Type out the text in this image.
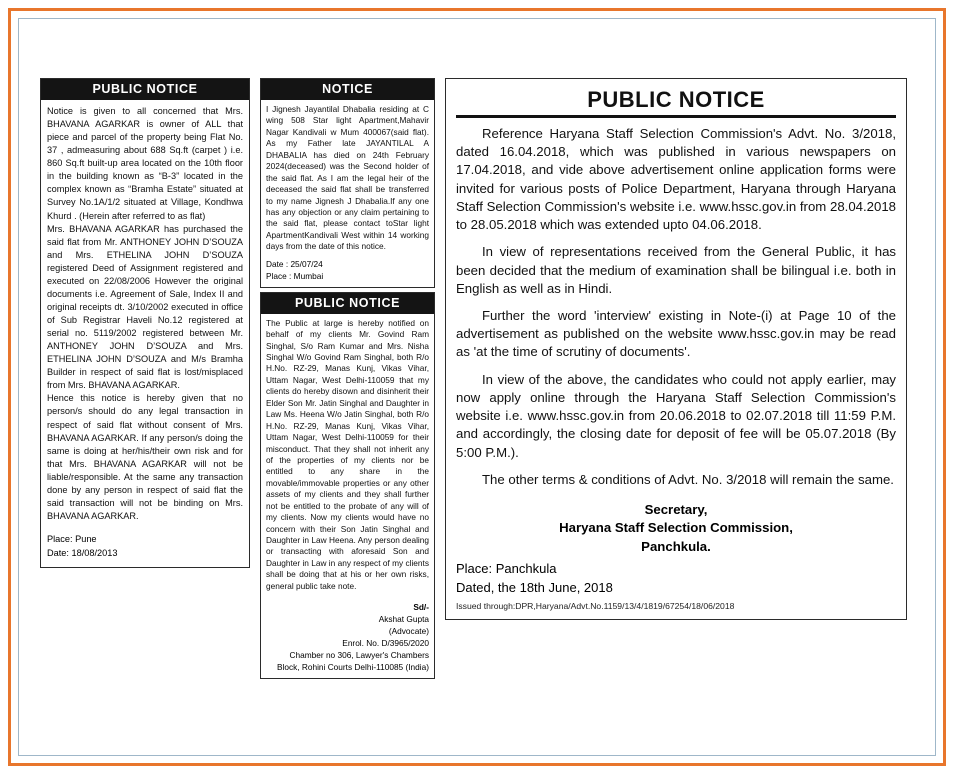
PUBLIC NOTICE

Notice is given to all concerned that Mrs. BHAVANA AGARKAR is owner of ALL that piece and parcel of the property being Flat No. 37 , admeasuring about 688 Sq.ft (carpet ) i.e. 860 Sq.ft built-up area located on the 10th floor in the building known as “B-3” located in the complex known as “Bramha Estate” situated at Survey No.1A/1/2 situated at Village, Kondhwa Khurd . (Herein after referred to as flat)
Mrs. BHAVANA AGARKAR has purchased the said flat from Mr. ANTHONEY JOHN D’SOUZA and Mrs. ETHELINA JOHN D’SOUZA registered Deed of Assignment registered and executed on 22/08/2006 However the original documents i.e. Agreement of Sale, Index II and original receipts dt. 3/10/2002 executed in office of Sub Registrar Haveli No.12 registered at serial no. 5119/2002 registered between Mr. ANTHONEY JOHN D’SOUZA and Mrs. ETHELINA JOHN D’SOUZA and M/s Bramha Builder in respect of said flat is lost/misplaced from Mrs. BHAVANA AGARKAR.
Hence this notice is hereby given that no person/s should do any legal transaction in respect of said flat without consent of Mrs. BHAVANA AGARKAR. If any person/s doing the same is doing at her/his/their own risk and for that Mrs. BHAVANA AGARKAR will not be liable/responsible. At the same any transaction done by any person in respect of said flat the said transaction will not be binding on Mrs. BHAVANA AGARKAR.

Place: Pune
Date: 18/08/2013
NOTICE

I Jignesh Jayantilal Dhabalia residing at C wing 508 Star light Apartment,Mahavir Nagar Kandivali w Mum 400067(said flat). As my Father late JAYANTILAL A DHABALIA has died on 24th February 2024(deceased) was the Second holder of the said flat. As I am the legal heir of the deceased the said flat shall be transferred to my name Jignesh J Dhabalia.If any one has any objection or any claim pertaining to the said flat, please contact toStar light ApartmentKandivali West within 14 working days from the date of this notice.

Date : 25/07/24
Place : Mumbai
PUBLIC NOTICE

The Public at large is hereby notified on behalf of my clients Mr. Govind Ram Singhal, S/o Ram Kumar and Mrs. Nisha Singhal W/o Govind Ram Singhal, both R/o H.No. RZ-29, Manas Kunj, Vikas Vihar, Uttam Nagar, West Delhi-110059 that my clients do hereby disown and disinherit their Elder Son Mr. Jatin Singhal and Daughter in Law Ms. Heena W/o Jatin Singhal, both R/o H.No. RZ-29, Manas Kunj, Vikas Vihar, Uttam Nagar, West Delhi-110059 for their misconduct. That they shall not inherit any of the properties of my clients nor be entitled to any share in the movable/immovable properties or any other assets of my clients and they shall further not be entitled to the probate of any will of my clients. Now my clients would have no concern with their Son Jatin Singhal and Daughter in Law Heena. Any person dealing or transacting with aforesaid Son and Daughter in Law in any respect of my clients shall be doing that at his or her own risks, general public take note.

Sd/-
Akshat Gupta
(Advocate)
Enrol. No. D/3965/2020
Chamber no 306, Lawyer's Chambers
Block, Rohini Courts Delhi-110085 (India)
PUBLIC NOTICE

Reference Haryana Staff Selection Commission's Advt. No. 3/2018, dated 16.04.2018, which was published in various newspapers on 17.04.2018, and vide above advertisement online application forms were invited for various posts of Police Department, Haryana through Haryana Staff Selection Commission's website i.e. www.hssc.gov.in from 28.04.2018 to 28.05.2018 which was extended upto 04.06.2018.

In view of representations received from the General Public, it has been decided that the medium of examination shall be bilingual i.e. both in English as well as in Hindi.

Further the word 'interview' existing in Note-(i) at Page 10 of the advertisement as published on the website www.hssc.gov.in may be read as 'at the time of scrutiny of documents'.

In view of the above, the candidates who could not apply earlier, may now apply online through the Haryana Staff Selection Commission's website i.e. www.hssc.gov.in from 20.06.2018 to 02.07.2018 till 11:59 P.M. and accordingly, the closing date for deposit of fee will be 05.07.2018 (By 5:00 P.M.).

The other terms & conditions of Advt. No. 3/2018 will remain the same.

Secretary,
Haryana Staff Selection Commission,
Panchkula.
Place: Panchkula
Dated, the 18th June, 2018
Issued through:DPR,Haryana/Advt.No.1159/13/4/1819/67254/18/06/2018
